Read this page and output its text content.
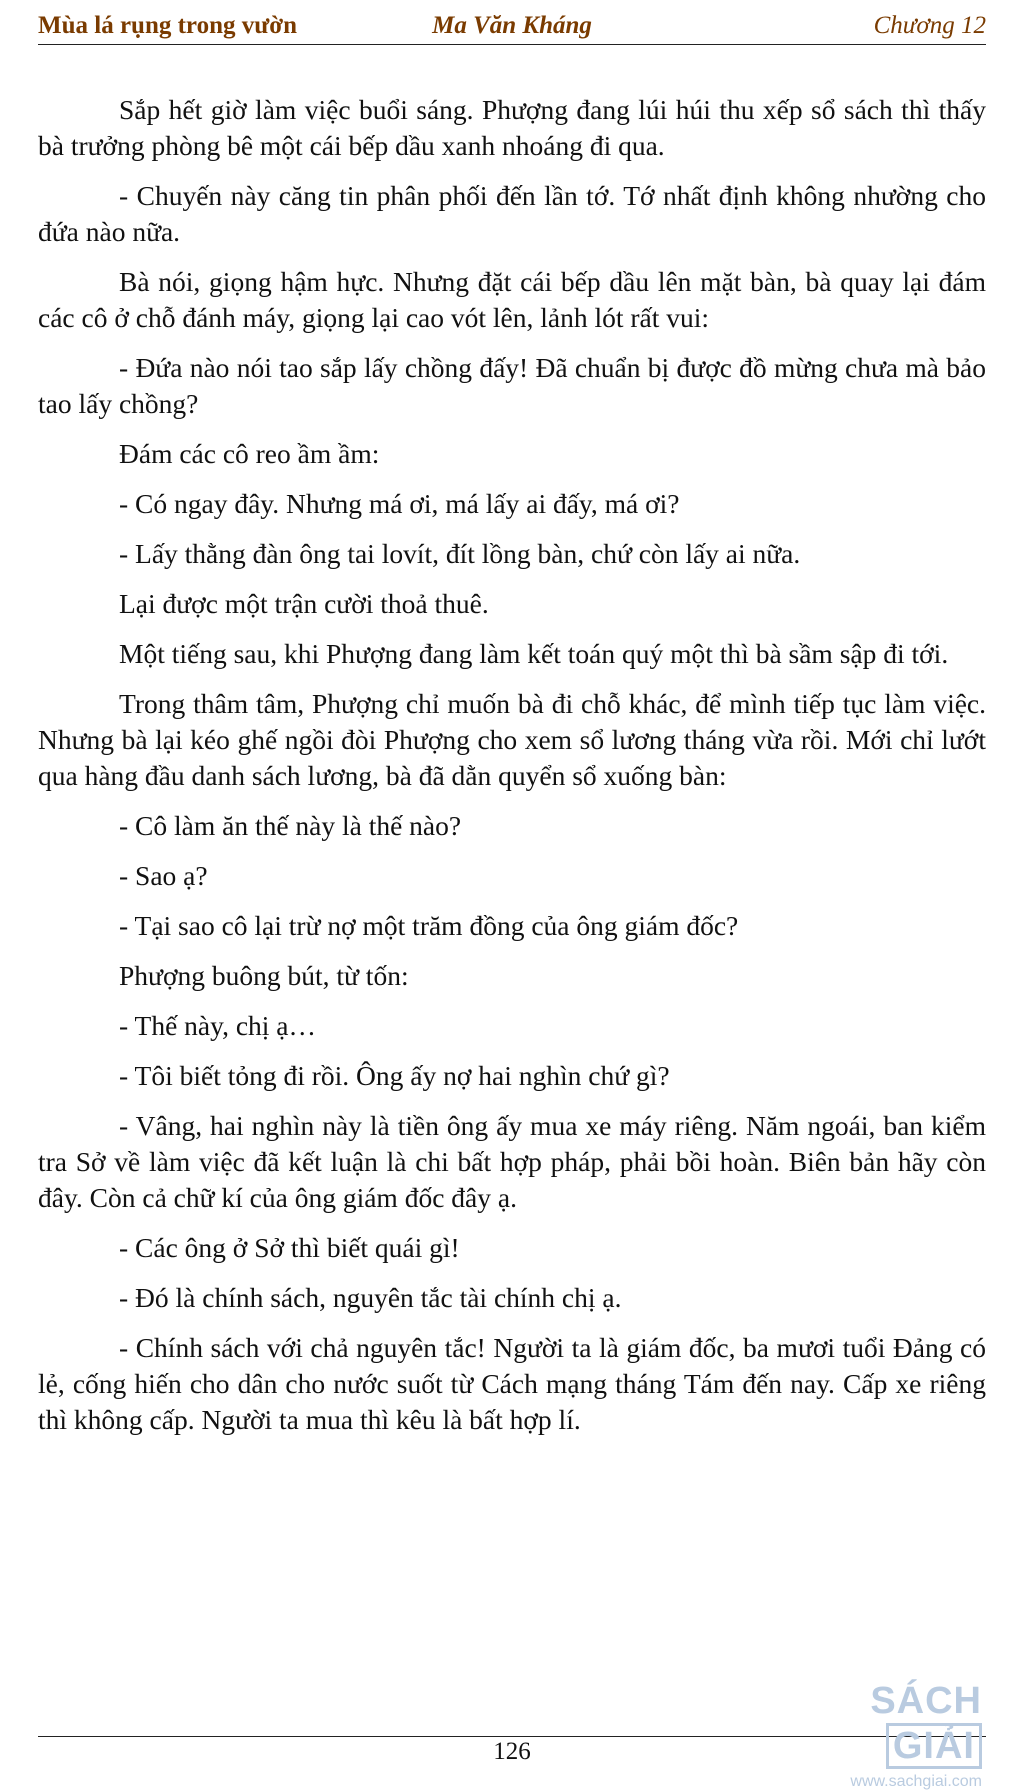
Mùa lá rụng trong vườn	Ma Văn Kháng	Chương 12

Sắp hết giờ làm việc buổi sáng. Phượng đang lúi húi thu xếp sổ sách thì thấy bà trưởng phòng bê một cái bếp dầu xanh nhoáng đi qua.

- Chuyến này căng tin phân phối đến lần tớ. Tớ nhất định không nhường cho đứa nào nữa.

Bà nói, giọng hậm hực. Nhưng đặt cái bếp dầu lên mặt bàn, bà quay lại đám các cô ở chỗ đánh máy, giọng lại cao vót lên, lảnh lót rất vui:

- Đứa nào nói tao sắp lấy chồng đấy! Đã chuẩn bị được đồ mừng chưa mà bảo tao lấy chồng?

Đám các cô reo ầm ầm:

- Có ngay đây. Nhưng má ơi, má lấy ai đấy, má ơi?

- Lấy thằng đàn ông tai lovít, đít lồng bàn, chứ còn lấy ai nữa.

Lại được một trận cười thoả thuê.

Một tiếng sau, khi Phượng đang làm kết toán quý một thì bà sầm sập đi tới.

Trong thâm tâm, Phượng chỉ muốn bà đi chỗ khác, để mình tiếp tục làm việc. Nhưng bà lại kéo ghế ngồi đòi Phượng cho xem sổ lương tháng vừa rồi. Mới chỉ lướt qua hàng đầu danh sách lương, bà đã dằn quyển sổ xuống bàn:

- Cô làm ăn thế này là thế nào?

- Sao ạ?

- Tại sao cô lại trừ nợ một trăm đồng của ông giám đốc?

Phượng buông bút, từ tốn:

- Thế này, chị ạ…

- Tôi biết tỏng đi rồi. Ông ấy nợ hai nghìn chứ gì?

- Vâng, hai nghìn này là tiền ông ấy mua xe máy riêng. Năm ngoái, ban kiểm tra Sở về làm việc đã kết luận là chi bất hợp pháp, phải bồi hoàn. Biên bản hãy còn đây. Còn cả chữ kí của ông giám đốc đây ạ.

- Các ông ở Sở thì biết quái gì!

- Đó là chính sách, nguyên tắc tài chính chị ạ.

- Chính sách với chả nguyên tắc! Người ta là giám đốc, ba mươi tuổi Đảng có lẻ, cống hiến cho dân cho nước suốt từ Cách mạng tháng Tám đến nay. Cấp xe riêng thì không cấp. Người ta mua thì kêu là bất hợp lí.

126
SÁCHGIẢI
www.sachgiai.com
